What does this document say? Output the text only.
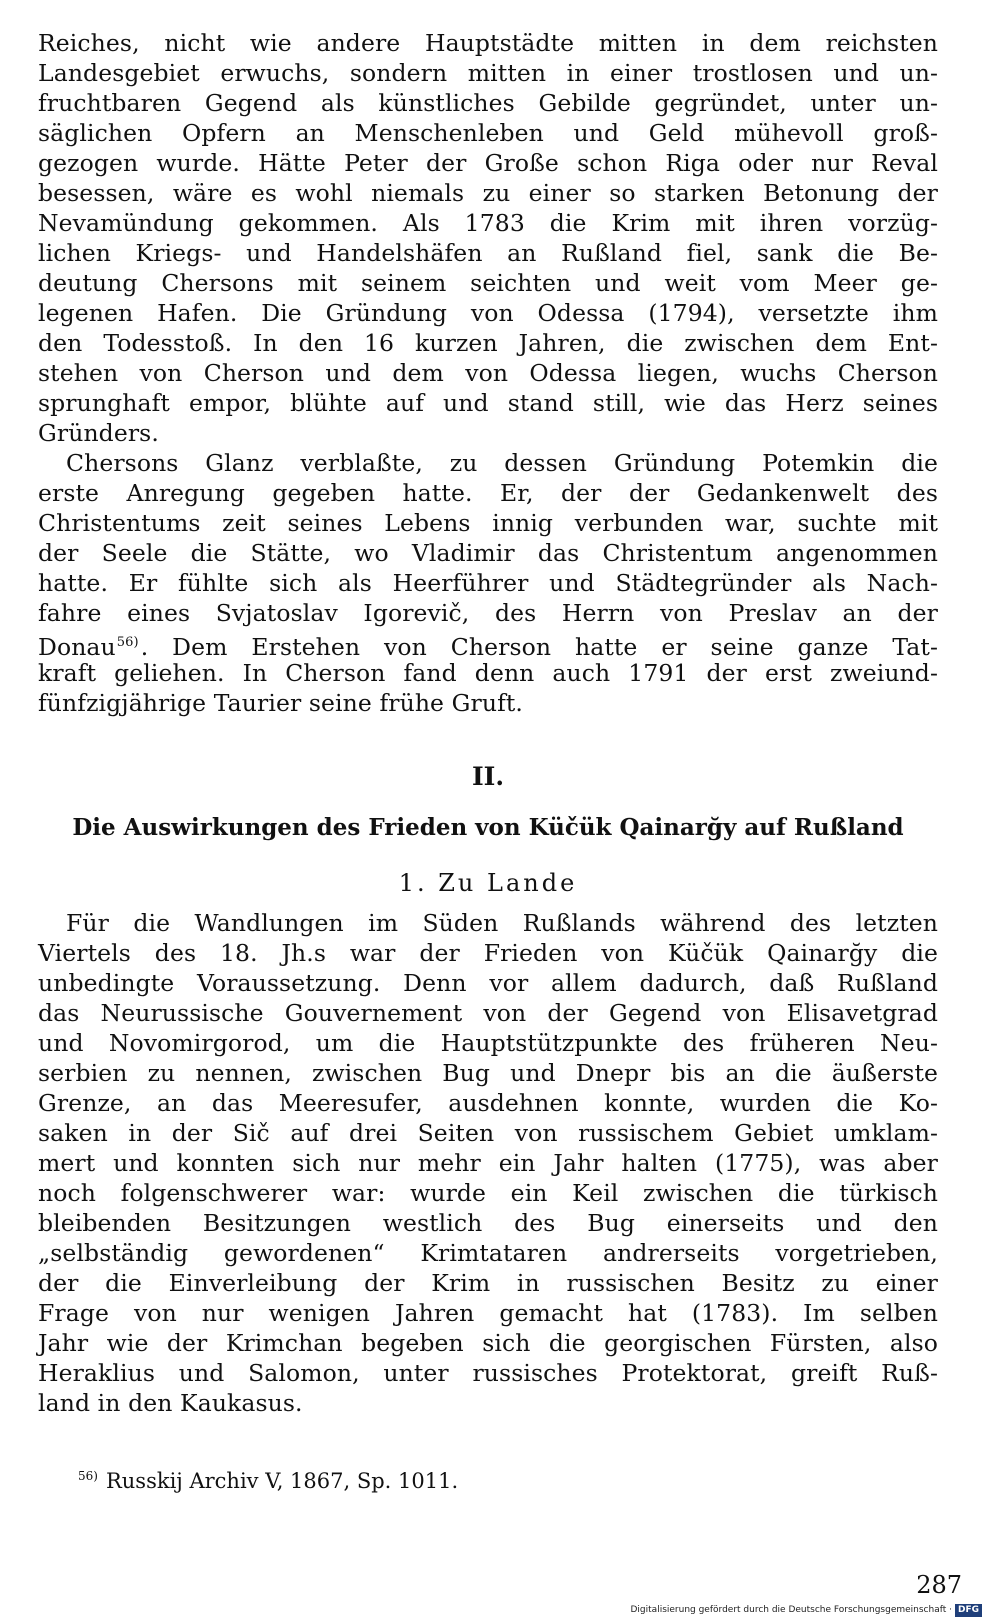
Reiches, nicht wie andere Hauptstädte mitten in dem reichsten
Landesgebiet erwuchs, sondern mitten in einer trostlosen und un-
fruchtbaren Gegend als künstliches Gebilde gegründet, unter un-
säglichen Opfern an Menschenleben und Geld mühevoll groß-
gezogen wurde. Hätte Peter der Große schon Riga oder nur Reval
besessen, wäre es wohl niemals zu einer so starken Betonung der
Nevamündung gekommen. Als 1783 die Krim mit ihren vorzüg-
lichen Kriegs- und Handelshäfen an Rußland fiel, sank die Be-
deutung Chersons mit seinem seichten und weit vom Meer ge-
legenen Hafen. Die Gründung von Odessa (1794), versetzte ihm
den Todesstoß. In den 16 kurzen Jahren, die zwischen dem Ent-
stehen von Cherson und dem von Odessa liegen, wuchs Cherson
sprunghaft empor, blühte auf und stand still, wie das Herz seines
Gründers.
Chersons Glanz verblaßte, zu dessen Gründung Potemkin die
erste Anregung gegeben hatte. Er, der der Gedankenwelt des
Christentums zeit seines Lebens innig verbunden war, suchte mit
der Seele die Stätte, wo Vladimir das Christentum angenommen
hatte. Er fühlte sich als Heerführer und Städtegründer als Nach-
fahre eines Svjatoslav Igorevič, des Herrn von Preslav an der
Donau$^{56)}$. Dem Erstehen von Cherson hatte er seine ganze Tat-
kraft geliehen. In Cherson fand denn auch 1791 der erst zweiund-
fünfzigjährige Taurier seine frühe Gruft.
II.
Die Auswirkungen des Frieden von Küčük Qainarğy auf Rußland
1. Zu Lande
Für die Wandlungen im Süden Rußlands während des letzten
Viertels des 18. Jh.s war der Frieden von Küčük Qainarğy die
unbedingte Voraussetzung. Denn vor allem dadurch, daß Rußland
das Neurussische Gouvernement von der Gegend von Elisavetgrad
und Novomirgorod, um die Hauptstützpunkte des früheren Neu-
serbien zu nennen, zwischen Bug und Dnepr bis an die äußerste
Grenze, an das Meeresufer, ausdehnen konnte, wurden die Ko-
saken in der Sič auf drei Seiten von russischem Gebiet umklam-
mert und konnten sich nur mehr ein Jahr halten (1775), was aber
noch folgenschwerer war: wurde ein Keil zwischen die türkisch
bleibenden Besitzungen westlich des Bug einerseits und den
„selbständig gewordenen“ Krimtataren andrerseits vorgetrieben,
der die Einverleibung der Krim in russischen Besitz zu einer
Frage von nur wenigen Jahren gemacht hat (1783). Im selben
Jahr wie der Krimchan begeben sich die georgischen Fürsten, also
Heraklius und Salomon, unter russisches Protektorat, greift Ruß-
land in den Kaukasus.
$^{56)}$ Russkij Archiv V, 1867, Sp. 1011.
287
Digitalisierung gefördert durch die Deutsche Forschungsgemeinschaft · DFG
